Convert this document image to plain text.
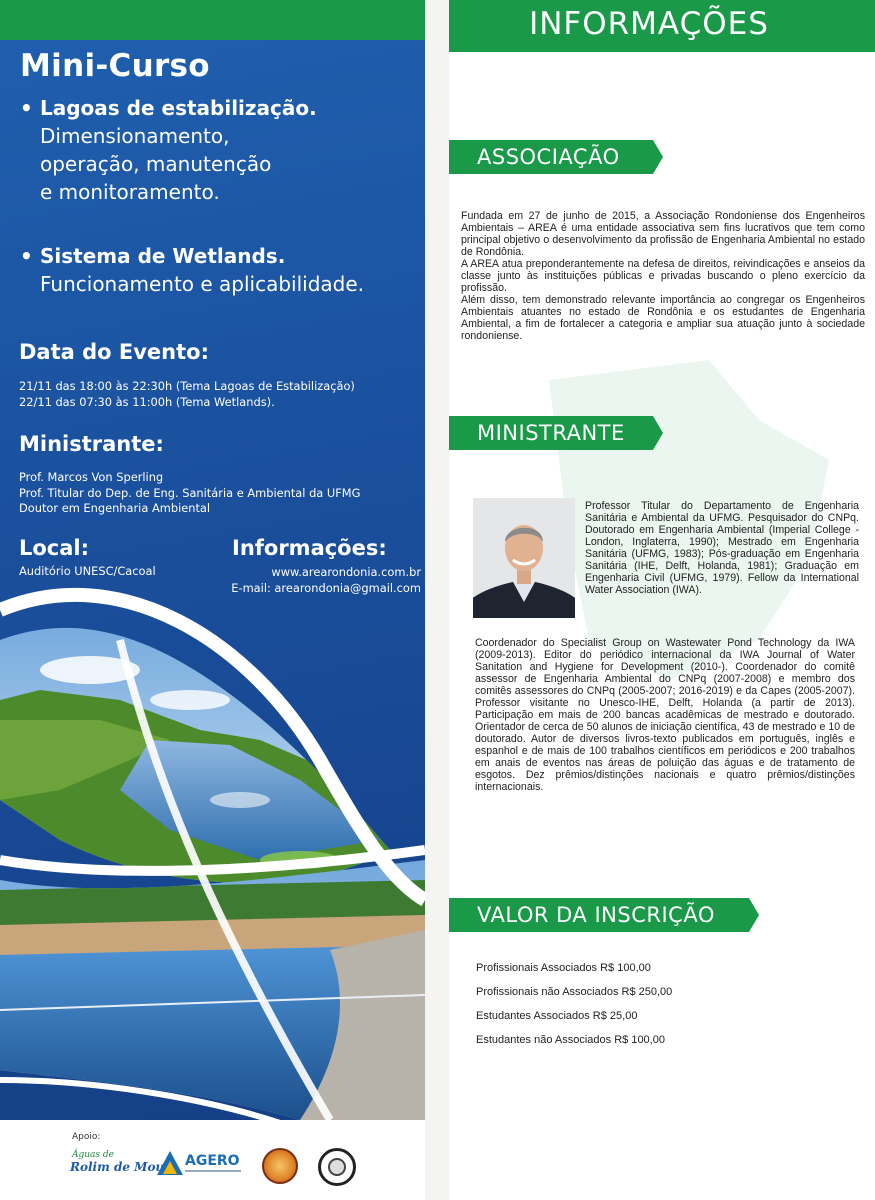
Mini-Curso
• Lagoas de estabilização.
Dimensionamento,
operação, manutenção
e monitoramento.
• Sistema de Wetlands.
Funcionamento e aplicabilidade.
Data do Evento:
21/11 das 18:00 às 22:30h (Tema Lagoas de Estabilização)
22/11 das 07:30 às 11:00h (Tema Wetlands).
Ministrante:
Prof. Marcos Von Sperling
Prof. Titular do Dep. de Eng. Sanitária e Ambiental da UFMG
Doutor em Engenharia Ambiental
Local:
Auditório UNESC/Cacoal
Informações:
www.arearondonia.com.br
E-mail: arearondonia@gmail.com
Apoio:
Águas de
Rolim de Moura AGERO
INFORMAÇÕES
ASSOCIAÇÃO

Fundada em 27 de junho de 2015, a Associação Rondoniense dos Engenheiros Ambientais – AREA é uma entidade associativa sem fins lucrativos que tem como principal objetivo o desenvolvimento da profissão de Engenharia Ambiental no estado de Rondônia.

A AREA atua preponderantemente na defesa de direitos, reivindicações e anseios da classe junto às instituições públicas e privadas buscando o pleno exercício da profissão.

Além disso, tem demonstrado relevante importância ao congregar os Engenheiros Ambientais atuantes no estado de Rondônia e os estudantes de Engenharia Ambiental, a fim de fortalecer a categoria e ampliar sua atuação junto à sociedade rondoniense.

MINISTRANTE
Professor Titular do Departamento de Engenharia Sanitária e Ambiental da UFMG. Pesquisador do CNPq. Doutorado em Engenharia Ambiental (Imperial College - London, Inglaterra, 1990); Mestrado em Engenharia Sanitária (UFMG, 1983); Pós-graduação em Engenharia Sanitária (IHE, Delft, Holanda, 1981); Graduação em Engenharia Civil (UFMG, 1979). Fellow da International Water Association (IWA).
Coordenador do Specialist Group on Wastewater Pond Technology da IWA (2009-2013). Editor do periódico internacional da IWA Journal of Water Sanitation and Hygiene for Development (2010-). Coordenador do comitê assessor de Engenharia Ambiental do CNPq (2007-2008) e membro dos comitês assessores do CNPq (2005-2007; 2016-2019) e da Capes (2005-2007). Professor visitante no Unesco-IHE, Delft, Holanda (a partir de 2013). Participação em mais de 200 bancas acadêmicas de mestrado e doutorado. Orientador de cerca de 50 alunos de iniciação científica, 43 de mestrado e 10 de doutorado. Autor de diversos livros-texto publicados em português, inglês e espanhol e de mais de 100 trabalhos científicos em periódicos e 200 trabalhos em anais de eventos nas áreas de poluição das águas e de tratamento de esgotos. Dez prêmios/distinções nacionais e quatro prêmios/distinções internacionais.
VALOR DA INSCRIÇÃO
Profissionais Associados R$ 100,00
Profissionais não Associados R$ 250,00
Estudantes Associados R$ 25,00
Estudantes não Associados R$ 100,00
